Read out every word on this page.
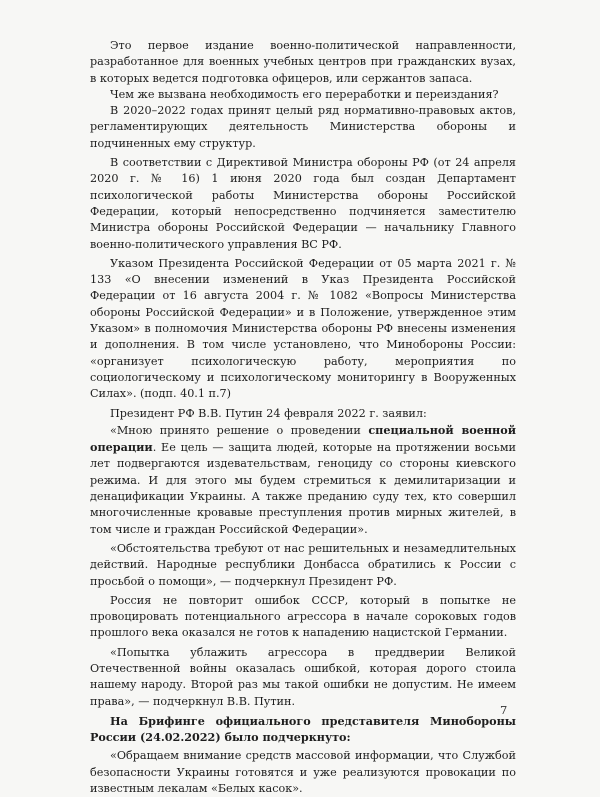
Это первое издание военно-политической направленности, разработанное для военных учебных центров при гражданских вузах, в которых ведется подготовка офицеров, или сержантов запаса.

Чем же вызвана необходимость его переработки и переиздания?

В 2020–2022 годах принят целый ряд нормативно-правовых актов, регламентирующих деятельность Министерства обороны и подчиненных ему структур.

В соответствии с Директивой Министра обороны РФ (от 24 апреля 2020 г. № 16) 1 июня 2020 года был создан Департамент психологической работы Министерства обороны Российской Федерации, который непосредственно подчиняется заместителю Министра обороны Российской Федерации — начальнику Главного военно-политического управления ВС РФ.

Указом Президента Российской Федерации от 05 марта 2021 г. № 133 «О внесении изменений в Указ Президента Российской Федерации от 16 августа 2004 г. № 1082 «Вопросы Министерства обороны Российской Федерации» и в Положение, утвержденное этим Указом» в полномочия Министерства обороны РФ внесены изменения и дополнения. В том числе установлено, что Минобороны России: «организует психологическую работу, мероприятия по социологическому и психологическому мониторингу в Вооруженных Силах». (подп. 40.1 п.7)

Президент РФ В.В. Путин 24 февраля 2022 г. заявил:

«Мною принято решение о проведении специальной военной операции. Ее цель — защита людей, которые на протяжении восьми лет подвергаются издевательствам, геноциду со стороны киевского режима. И для этого мы будем стремиться к демилитаризации и денацификации Украины. А также преданию суду тех, кто совершил многочисленные кровавые преступления против мирных жителей, в том числе и граждан Российской Федерации».

«Обстоятельства требуют от нас решительных и незамедлительных действий. Народные республики Донбасса обратились к России с просьбой о помощи», — подчеркнул Президент РФ.

Россия не повторит ошибок СССР, который в попытке не провоцировать потенциального агрессора в начале сороковых годов прошлого века оказался не готов к нападению нацистской Германии.

«Попытка ублажить агрессора в преддверии Великой Отечественной войны оказалась ошибкой, которая дорого стоила нашему народу. Второй раз мы такой ошибки не допустим. Не имеем права», — подчеркнул В.В. Путин.

На Брифинге официального представителя Минобороны России (24.02.2022) было подчеркнуто:

«Обращаем внимание средств массовой информации, что Службой безопасности Украины готовятся и уже реализуются провокации по известным лекалам «Белых касок».

7
